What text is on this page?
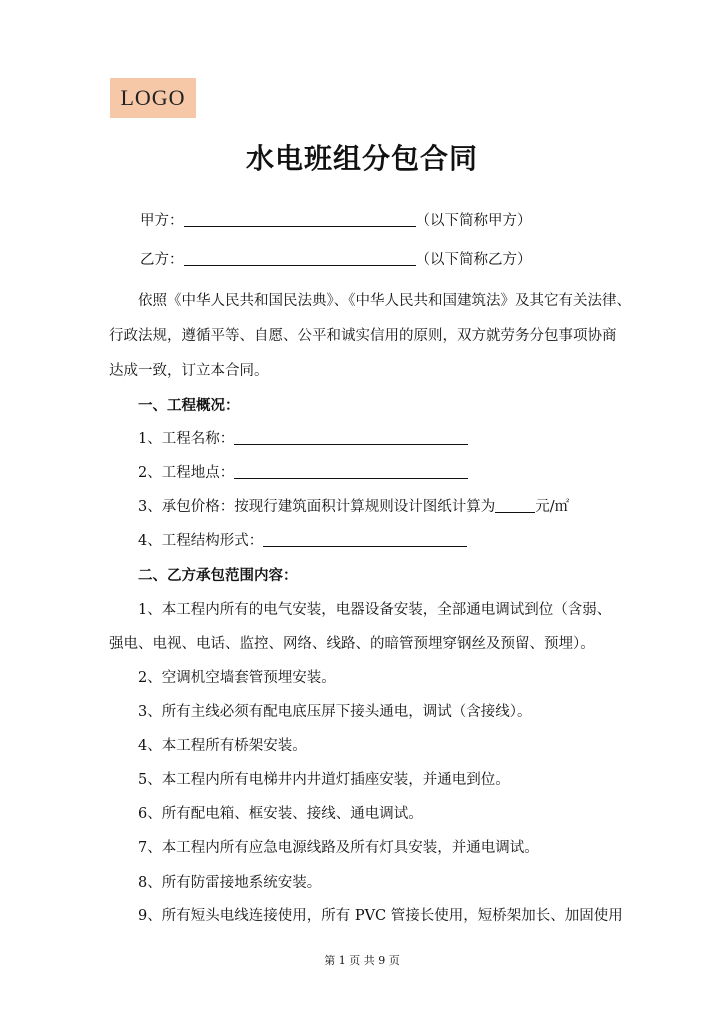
LOGO
水电班组分包合同
甲方：	（以下简称甲方）
乙方：	（以下简称乙方）
依照《中华人民共和国民法典》、《中华人民共和国建筑法》及其它有关法律、
行政法规，遵循平等、自愿、公平和诚实信用的原则，双方就劳务分包事项协商
达成一致，订立本合同。
一、工程概况：
1、工程名称：
2、工程地点：
3、承包价格：按现行建筑面积计算规则设计图纸计算为	元/㎡
4、工程结构形式：
二、乙方承包范围内容：
1、本工程内所有的电气安装，电器设备安装，全部通电调试到位（含弱、
强电、电视、电话、监控、网络、线路、的暗管预埋穿钢丝及预留、预埋）。
2、空调机空墙套管预埋安装。
3、所有主线必须有配电底压屏下接头通电，调试（含接线）。
4、本工程所有桥架安装。
5、本工程内所有电梯井内井道灯插座安装，并通电到位。
6、所有配电箱、框安装、接线、通电调试。
7、本工程内所有应急电源线路及所有灯具安装，并通电调试。
8、所有防雷接地系统安装。
9、所有短头电线连接使用，所有 PVC 管接长使用，短桥架加长、加固使用
第 1 页 共 9 页
